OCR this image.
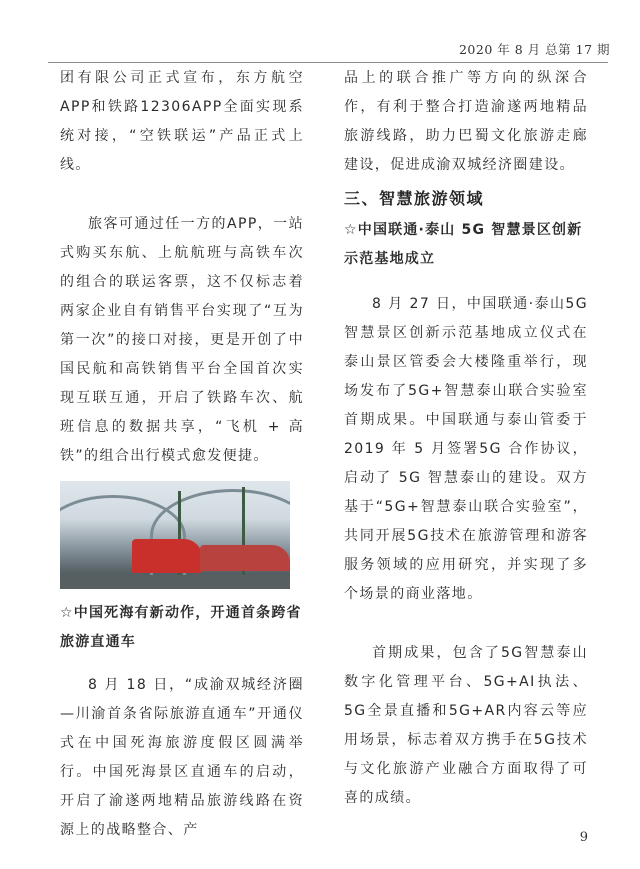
2020 年 8 月 总第 17 期

团有限公司正式宣布，东方航空APP和铁路12306APP全面实现系统对接，“空铁联运”产品正式上线。

旅客可通过任一方的APP，一站式购买东航、上航航班与高铁车次的组合的联运客票，这不仅标志着两家企业自有销售平台实现了“互为第一次”的接口对接，更是开创了中国民航和高铁销售平台全国首次实现互联互通，开启了铁路车次、航班信息的数据共享，“飞机 + 高铁”的组合出行模式愈发便捷。

☆中国死海有新动作，开通首条跨省旅游直通车

8 月 18 日，“成渝双城经济圈—川渝首条省际旅游直通车”开通仪式在中国死海旅游度假区圆满举行。中国死海景区直通车的启动，开启了渝遂两地精品旅游线路在资源上的战略整合、产

品上的联合推广等方向的纵深合作，有利于整合打造渝遂两地精品旅游线路，助力巴蜀文化旅游走廊建设，促进成渝双城经济圈建设。

三、智慧旅游领域

☆中国联通·泰山 5G 智慧景区创新示范基地成立

8 月 27 日，中国联通·泰山5G智慧景区创新示范基地成立仪式在泰山景区管委会大楼隆重举行，现场发布了5G+智慧泰山联合实验室首期成果。中国联通与泰山管委于 2019 年 5 月签署5G 合作协议，启动了 5G 智慧泰山的建设。双方基于“5G+智慧泰山联合实验室”，共同开展5G技术在旅游管理和游客服务领域的应用研究，并实现了多个场景的商业落地。

首期成果，包含了5G智慧泰山数字化管理平台、5G+AI执法、5G全景直播和5G+AR内容云等应用场景，标志着双方携手在5G技术与文化旅游产业融合方面取得了可喜的成绩。

9
